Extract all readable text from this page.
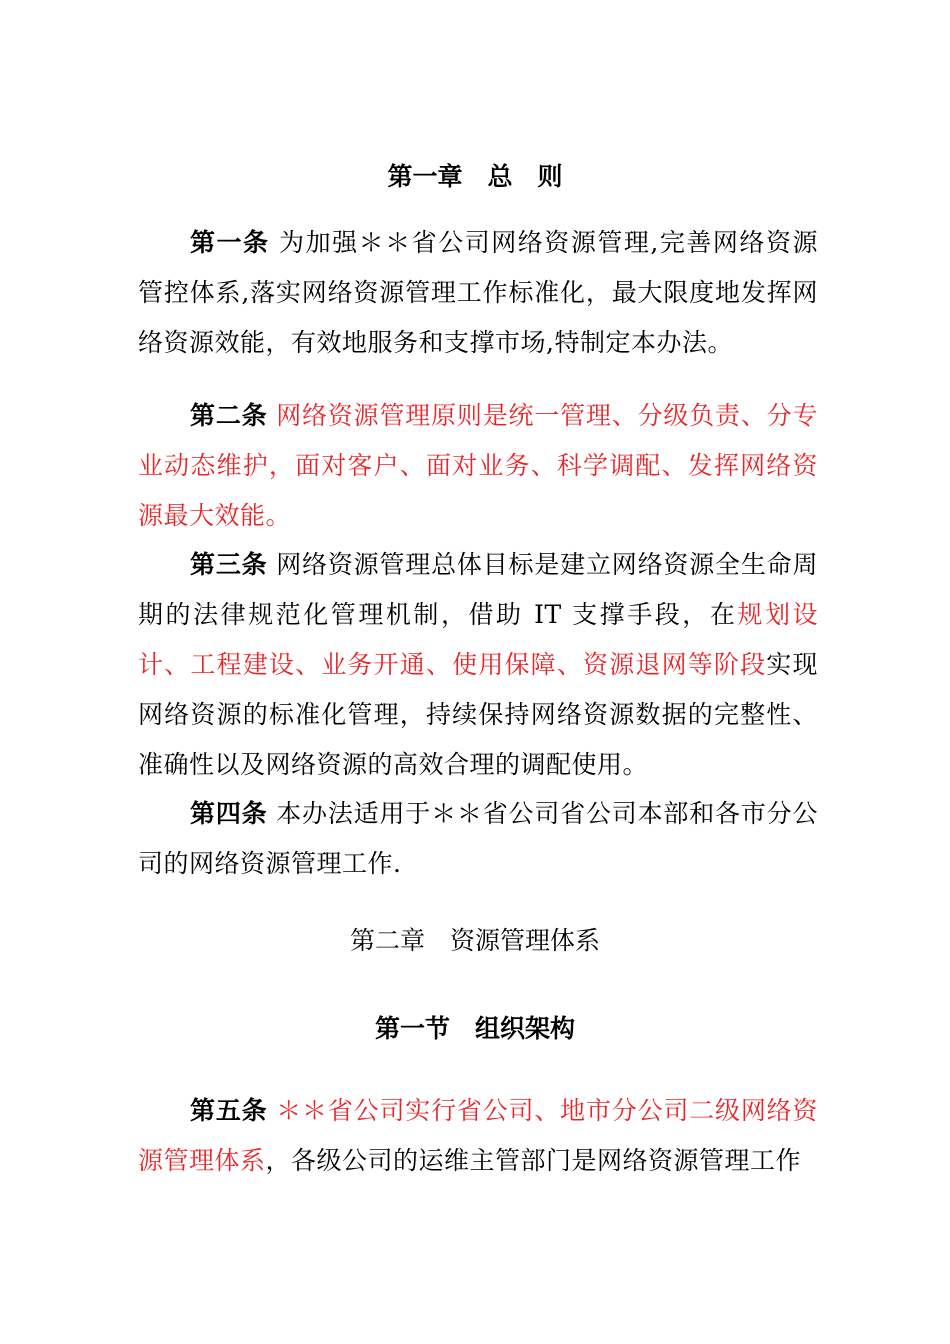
第一章　总　则

第一条 为加强＊＊省公司网络资源管理,完善网络资源管控体系,落实网络资源管理工作标准化，最大限度地发挥网络资源效能，有效地服务和支撑市场,特制定本办法。

第二条 网络资源管理原则是统一管理、分级负责、分专业动态维护，面对客户、面对业务、科学调配、发挥网络资源最大效能。

第三条 网络资源管理总体目标是建立网络资源全生命周期的法律规范化管理机制，借助 IT 支撑手段，在规划设计、工程建设、业务开通、使用保障、资源退网等阶段实现网络资源的标准化管理，持续保持网络资源数据的完整性、准确性以及网络资源的高效合理的调配使用。

第四条 本办法适用于＊＊省公司省公司本部和各市分公司的网络资源管理工作.

第二章　资源管理体系
第一节　组织架构

第五条 ＊＊省公司实行省公司、地市分公司二级网络资源管理体系，各级公司的运维主管部门是网络资源管理工作
